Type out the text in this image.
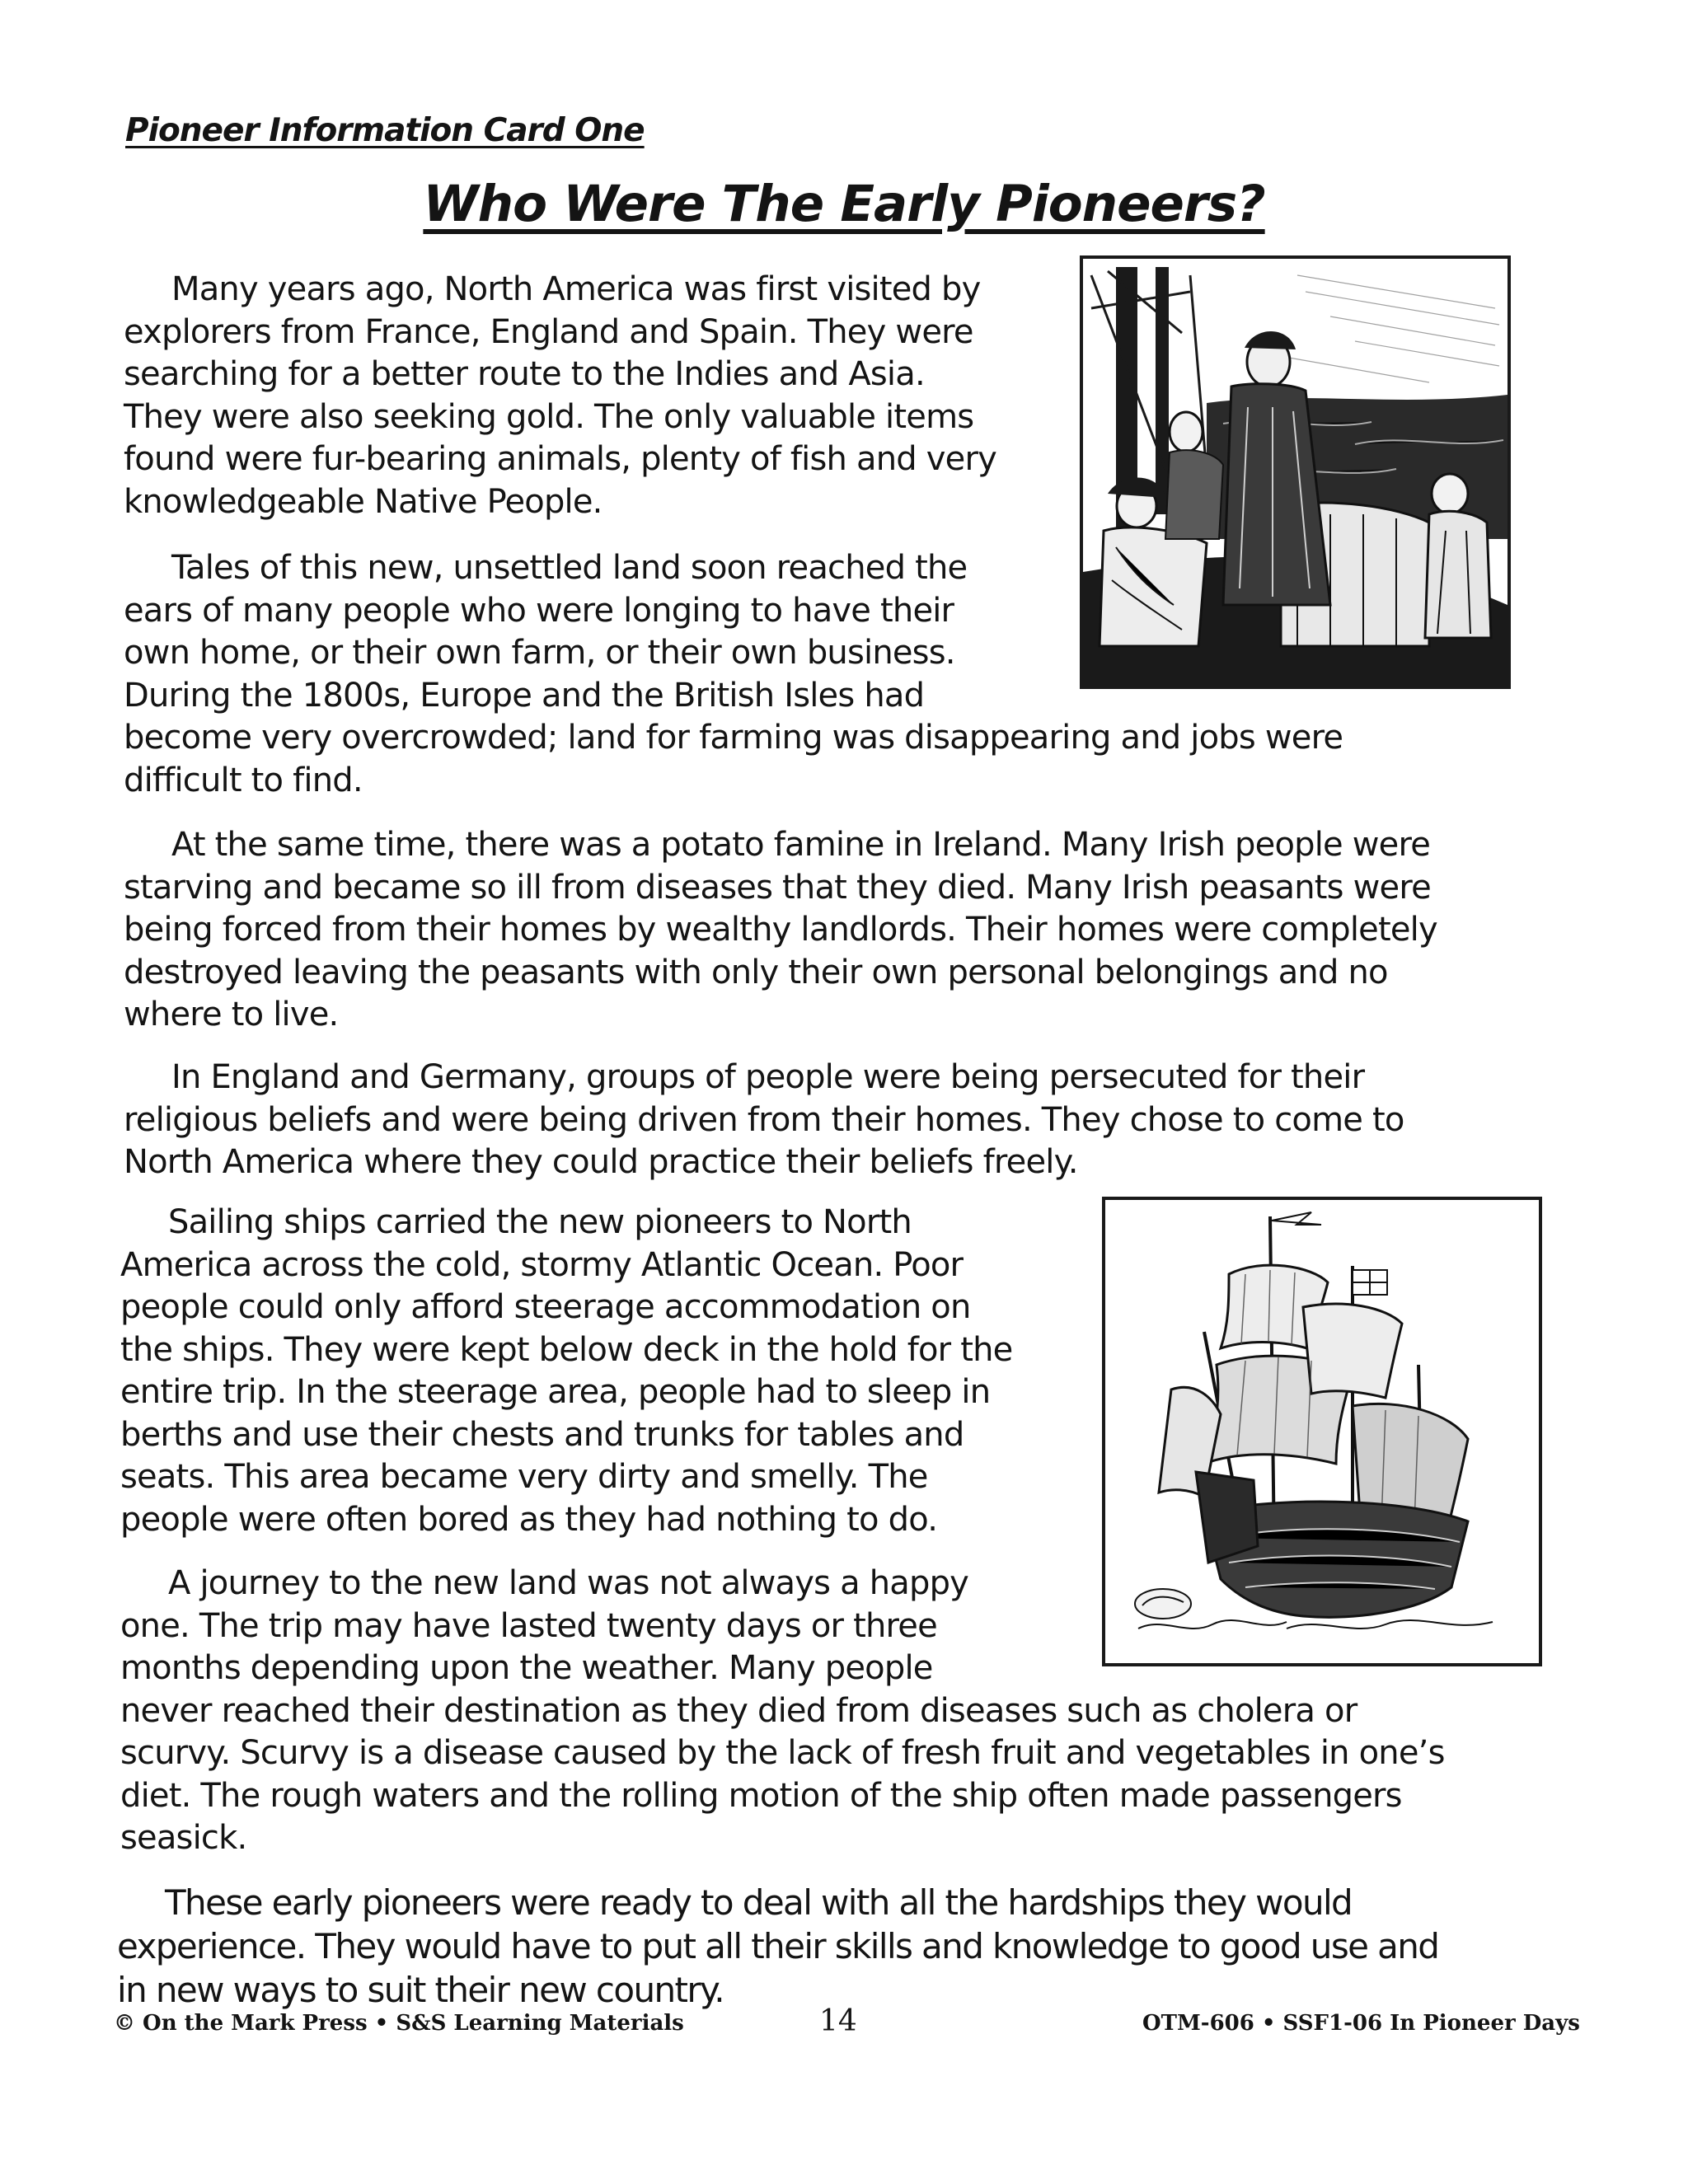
Pioneer Information Card One
Who Were The Early Pioneers?

Many years ago, North America was first visited by
explorers from France, England and Spain. They were
searching for a better route to the Indies and Asia.
They were also seeking gold. The only valuable items
found were fur-bearing animals, plenty of fish and very
knowledgeable Native People.

Tales of this new, unsettled land soon reached the
ears of many people who were longing to have their
own home, or their own farm, or their own business.
During the 1800s, Europe and the British Isles had
become very overcrowded; land for farming was disappearing and jobs were
difficult to find.

At the same time, there was a potato famine in Ireland. Many Irish people were
starving and became so ill from diseases that they died. Many Irish peasants were
being forced from their homes by wealthy landlords. Their homes were completely
destroyed leaving the peasants with only their own personal belongings and no
where to live.

In England and Germany, groups of people were being persecuted for their
religious beliefs and were being driven from their homes. They chose to come to
North America where they could practice their beliefs freely.

Sailing ships carried the new pioneers to North
America across the cold, stormy Atlantic Ocean. Poor
people could only afford steerage accommodation on
the ships. They were kept below deck in the hold for the
entire trip. In the steerage area, people had to sleep in
berths and use their chests and trunks for tables and
seats. This area became very dirty and smelly. The
people were often bored as they had nothing to do.

A journey to the new land was not always a happy
one. The trip may have lasted twenty days or three
months depending upon the weather. Many people
never reached their destination as they died from diseases such as cholera or
scurvy. Scurvy is a disease caused by the lack of fresh fruit and vegetables in one’s
diet. The rough waters and the rolling motion of the ship often made passengers
seasick.

These early pioneers were ready to deal with all the hardships they would
experience. They would have to put all their skills and knowledge to good use and
in new ways to suit their new country.

© On the Mark Press • S&S Learning Materials	14	OTM-606 • SSF1-06 In Pioneer Days
